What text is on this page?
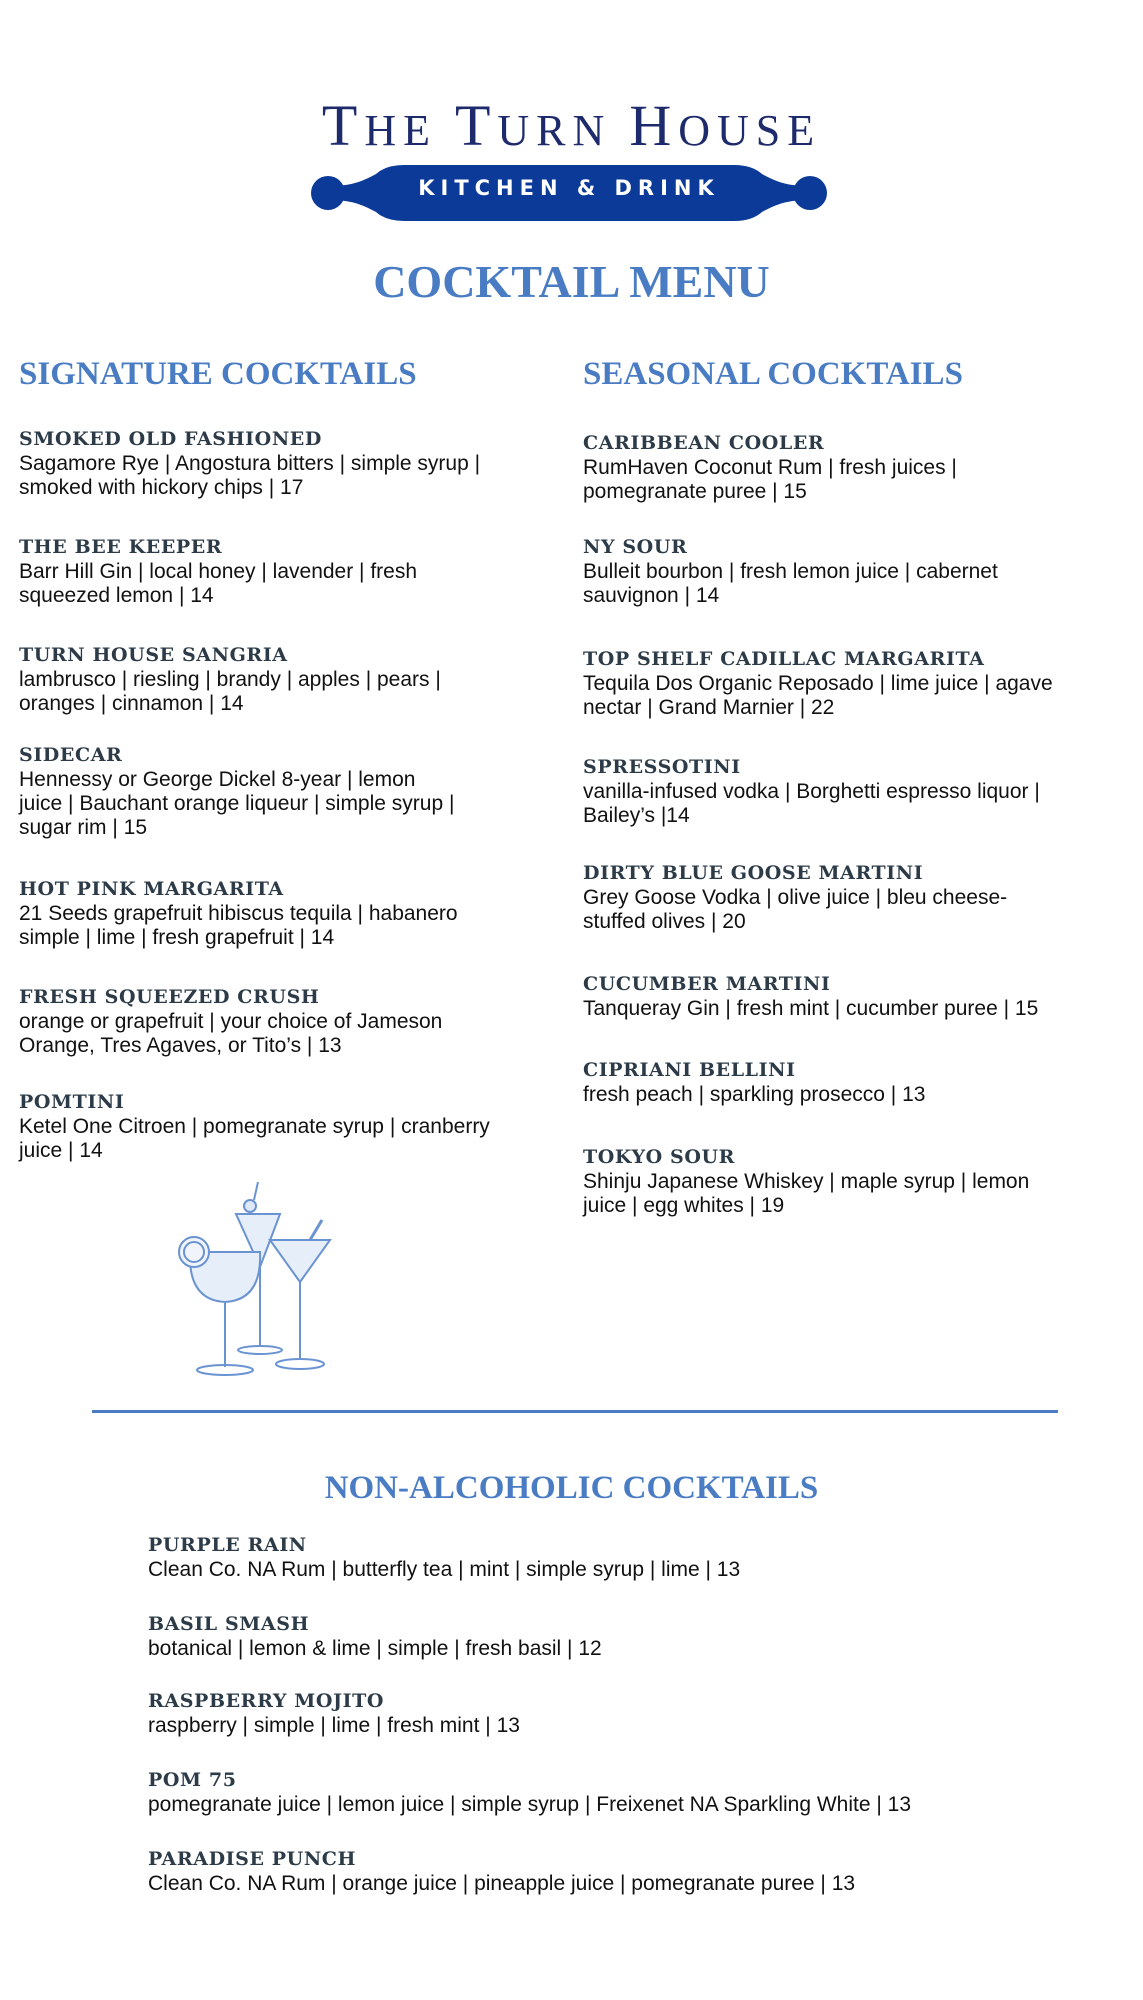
THE TURN HOUSE
KITCHEN & DRINK
COCKTAIL MENU
SIGNATURE COCKTAILS	SEASONAL COCKTAILS
SMOKED OLD FASHIONED
Sagamore Rye | Angostura bitters | simple syrup |
smoked with hickory chips | 17
THE BEE KEEPER
Barr Hill Gin | local honey | lavender | fresh
squeezed lemon | 14
TURN HOUSE SANGRIA
lambrusco | riesling | brandy | apples | pears |
oranges | cinnamon | 14
SIDECAR
Hennessy or George Dickel 8-year | lemon
juice | Bauchant orange liqueur | simple syrup |
sugar rim | 15
HOT PINK MARGARITA
21 Seeds grapefruit hibiscus tequila | habanero
simple | lime | fresh grapefruit | 14
FRESH SQUEEZED CRUSH
orange or grapefruit | your choice of Jameson
Orange, Tres Agaves, or Tito’s | 13
POMTINI
Ketel One Citroen | pomegranate syrup | cranberry
juice | 14
CARIBBEAN COOLER
RumHaven Coconut Rum | fresh juices |
pomegranate puree | 15
NY SOUR
Bulleit bourbon | fresh lemon juice | cabernet
sauvignon | 14
TOP SHELF CADILLAC MARGARITA
Tequila Dos Organic Reposado | lime juice | agave
nectar | Grand Marnier | 22
SPRESSOTINI
vanilla-infused vodka | Borghetti espresso liquor |
Bailey’s |14
DIRTY BLUE GOOSE MARTINI
Grey Goose Vodka | olive juice | bleu cheese-
stuffed olives | 20
CUCUMBER MARTINI
Tanqueray Gin | fresh mint | cucumber puree | 15
CIPRIANI BELLINI
fresh peach | sparkling prosecco | 13
TOKYO SOUR
Shinju Japanese Whiskey | maple syrup | lemon
juice | egg whites | 19
NON-ALCOHOLIC COCKTAILS
PURPLE RAIN
Clean Co. NA Rum | butterfly tea | mint | simple syrup | lime | 13
BASIL SMASH
botanical | lemon & lime | simple | fresh basil | 12
RASPBERRY MOJITO
raspberry | simple | lime | fresh mint | 13
POM 75
pomegranate juice | lemon juice | simple syrup | Freixenet NA Sparkling White | 13
PARADISE PUNCH
Clean Co. NA Rum | orange juice | pineapple juice | pomegranate puree | 13
